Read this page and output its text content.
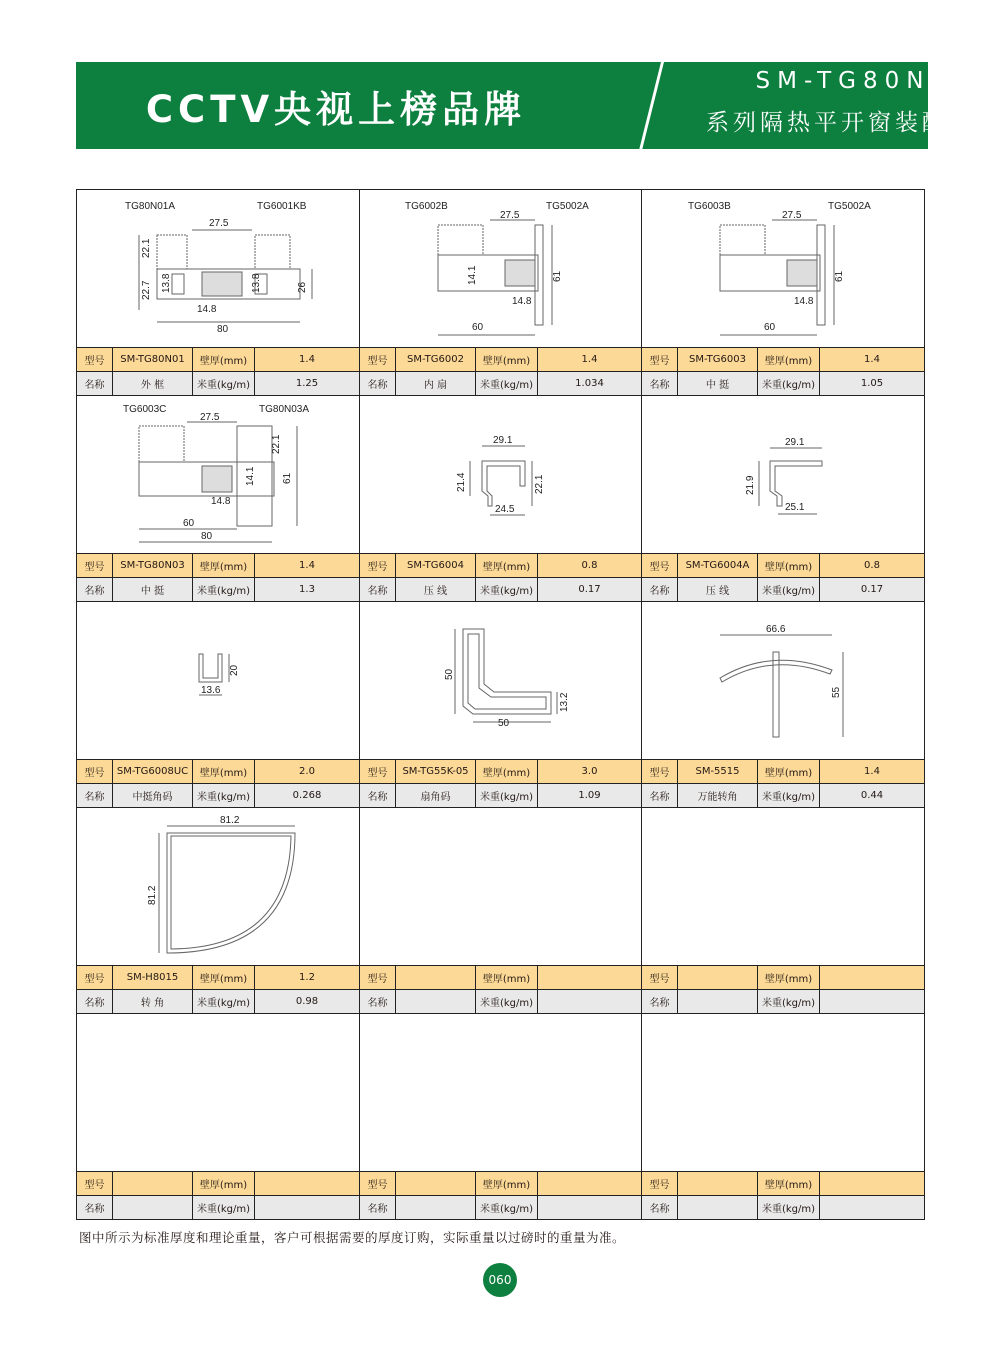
CCTV央视上榜品牌
SM-TG80N
系列隔热平开窗装配图
TG80N01A	TG6001KB
27.5
22.1
22.7 13.8	13.8	26
14.8
80
型号	SM-TG80N01	壁厚(mm)	1.4
名称	外 框	米重(kg/m)	1.25
TG6002B	TG5002A
27.5
14.1
14.8
61
60
型号	SM-TG6002	壁厚(mm)	1.4
名称	内 扇	米重(kg/m)	1.034
TG6003B	TG5002A
27.5
14.8
61
60
型号	SM-TG6003	壁厚(mm)	1.4
名称	中 挺	米重(kg/m)	1.05
TG6003C	TG80N03A
27.5
22.1
14.1
14.8
61
60
80
型号	SM-TG80N03	壁厚(mm)	1.4
名称	中 挺	米重(kg/m)	1.3
29.1
21.4	22.1
24.5
型号	SM-TG6004	壁厚(mm)	0.8
名称	压 线	米重(kg/m)	0.17
29.1
21.9
25.1
型号	SM-TG6004A	壁厚(mm)	0.8
名称	压 线	米重(kg/m)	0.17
20
13.6
型号	SM-TG6008UC	壁厚(mm)	2.0
名称	中挺角码	米重(kg/m)	0.268
50
13.2
50
型号	SM-TG55K-05	壁厚(mm)	3.0
名称	扇角码	米重(kg/m)	1.09
66.6
55
型号	SM-5515	壁厚(mm)	1.4
名称	万能转角	米重(kg/m)	0.44
81.2
81.2
型号	SM-H8015	壁厚(mm)	1.2
名称	转 角	米重(kg/m)	0.98
型号	壁厚(mm)
名称	米重(kg/m)
型号	壁厚(mm)
名称	米重(kg/m)
型号	壁厚(mm)
名称	米重(kg/m)
型号	壁厚(mm)
名称	米重(kg/m)
型号	壁厚(mm)
名称	米重(kg/m)
图中所示为标准厚度和理论重量，客户可根据需要的厚度订购，实际重量以过磅时的重量为准。
060
